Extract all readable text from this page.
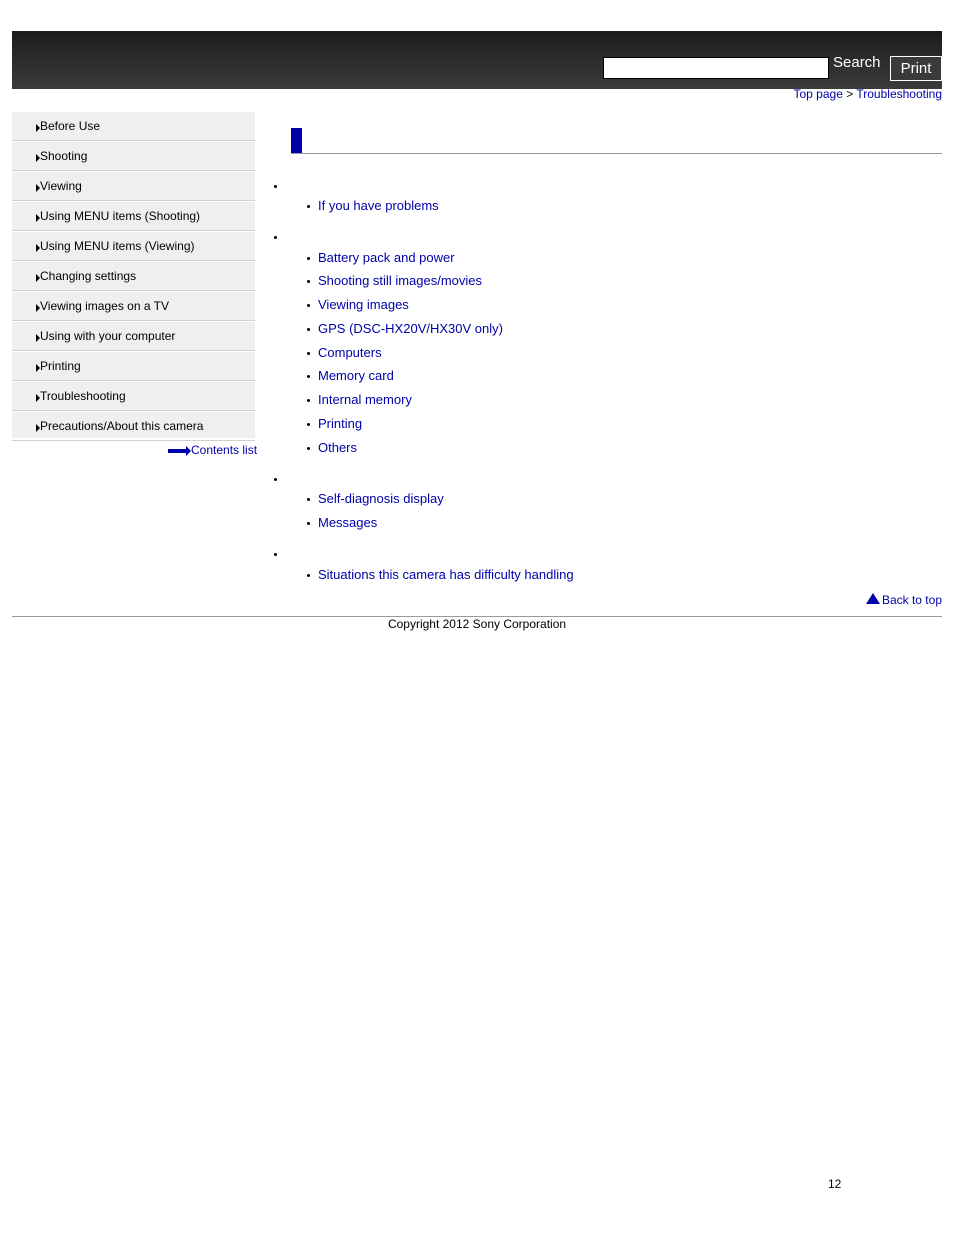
Search	Print
Top page > Troubleshooting
Before Use
Shooting
Viewing
Using MENU items (Shooting)
Using MENU items (Viewing)
Changing settings
Viewing images on a TV
Using with your computer
Printing
Troubleshooting
Precautions/About this camera
Contents list
If you have problems
Battery pack and power
Shooting still images/movies
Viewing images
GPS (DSC-HX20V/HX30V only)
Computers
Memory card
Internal memory
Printing
Others
Self-diagnosis display
Messages
Situations this camera has difficulty handling
Back to top
Copyright 2012 Sony Corporation
12
